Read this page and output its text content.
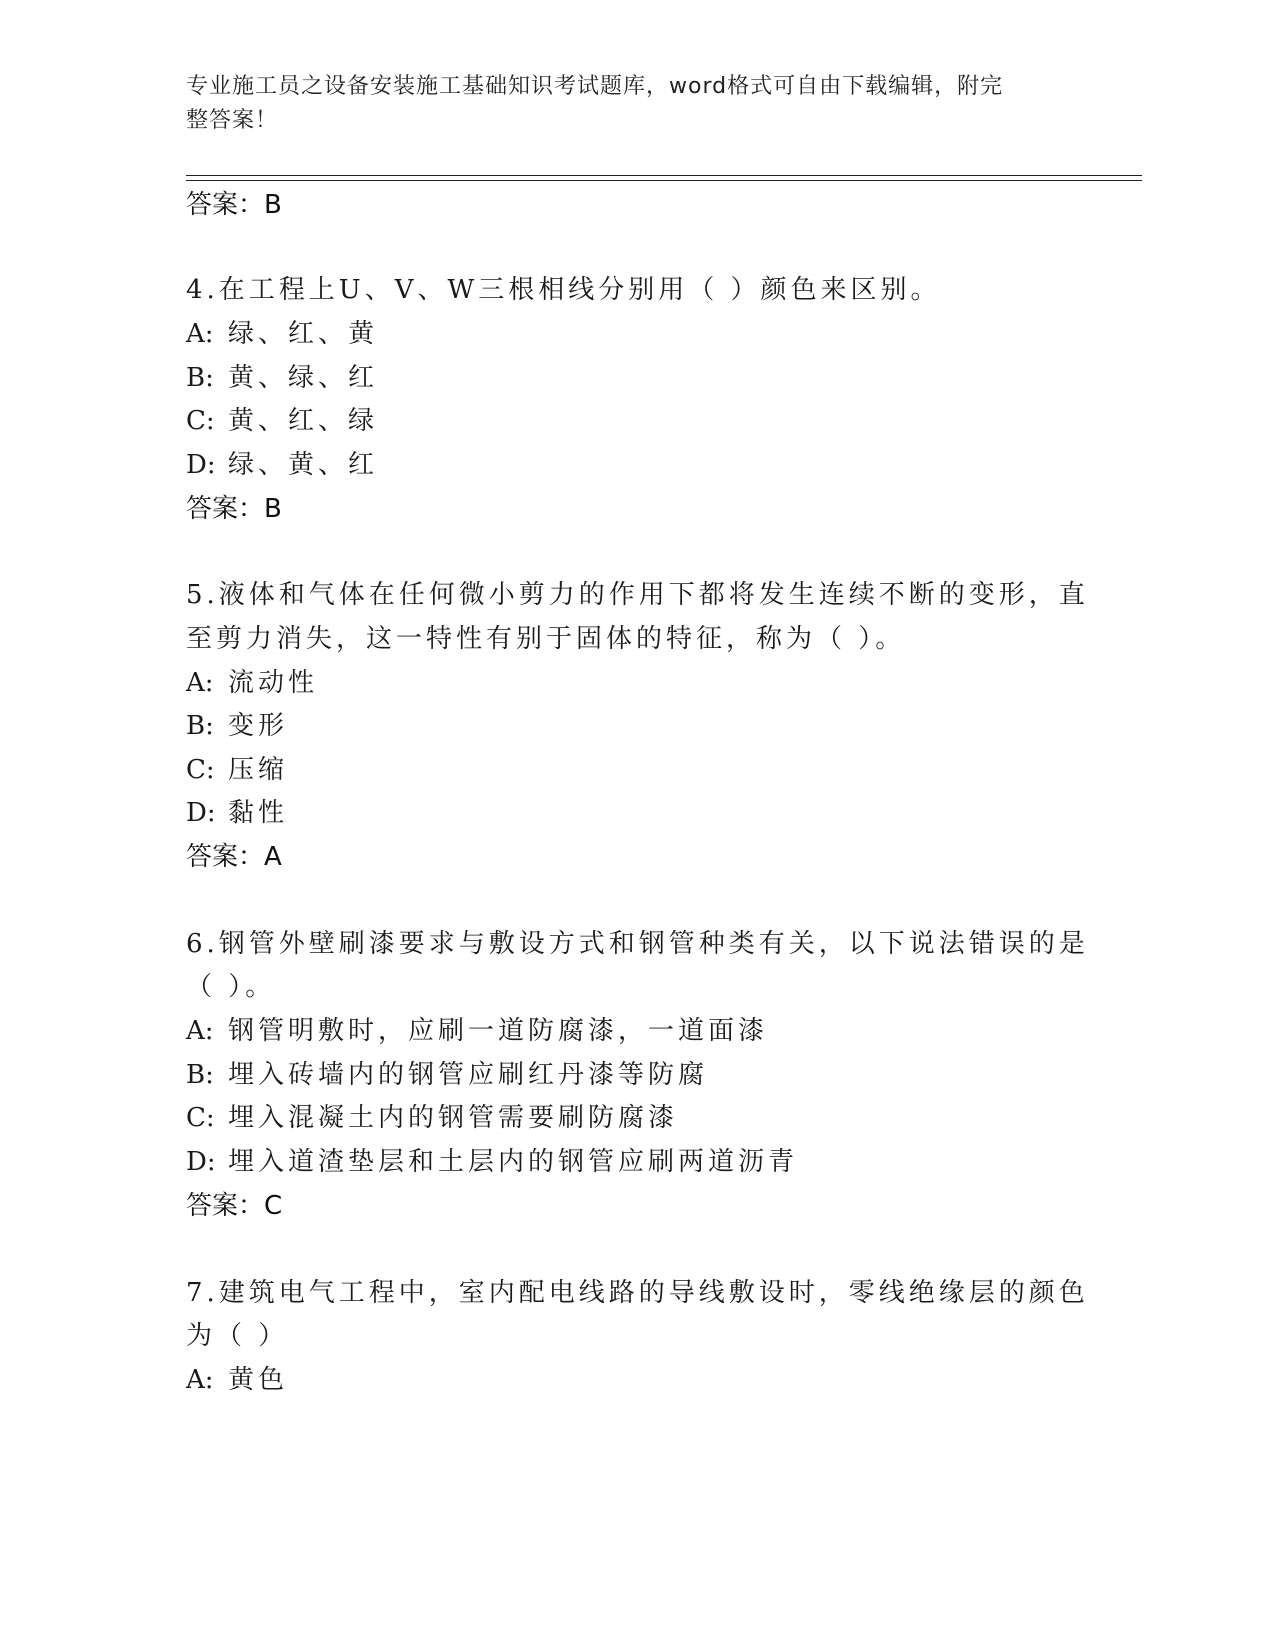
专业施工员之设备安装施工基础知识考试题库，word格式可自由下载编辑，附完
整答案！
答案：B
4.在工程上U、V、W三根相线分别用（ ）颜色来区别。
A: 绿、红、黄
B: 黄、绿、红
C: 黄、红、绿
D: 绿、黄、红
答案：B
5.液体和气体在任何微小剪力的作用下都将发生连续不断的变形，直
至剪力消失，这一特性有别于固体的特征，称为（ ）。
A: 流动性
B: 变形
C: 压缩
D: 黏性
答案：A
6.钢管外壁刷漆要求与敷设方式和钢管种类有关，以下说法错误的是
（ ）。
A: 钢管明敷时，应刷一道防腐漆，一道面漆
B: 埋入砖墙内的钢管应刷红丹漆等防腐
C: 埋入混凝土内的钢管需要刷防腐漆
D: 埋入道渣垫层和土层内的钢管应刷两道沥青
答案：C
7.建筑电气工程中，室内配电线路的导线敷设时，零线绝缘层的颜色
为（ ）
A: 黄色
